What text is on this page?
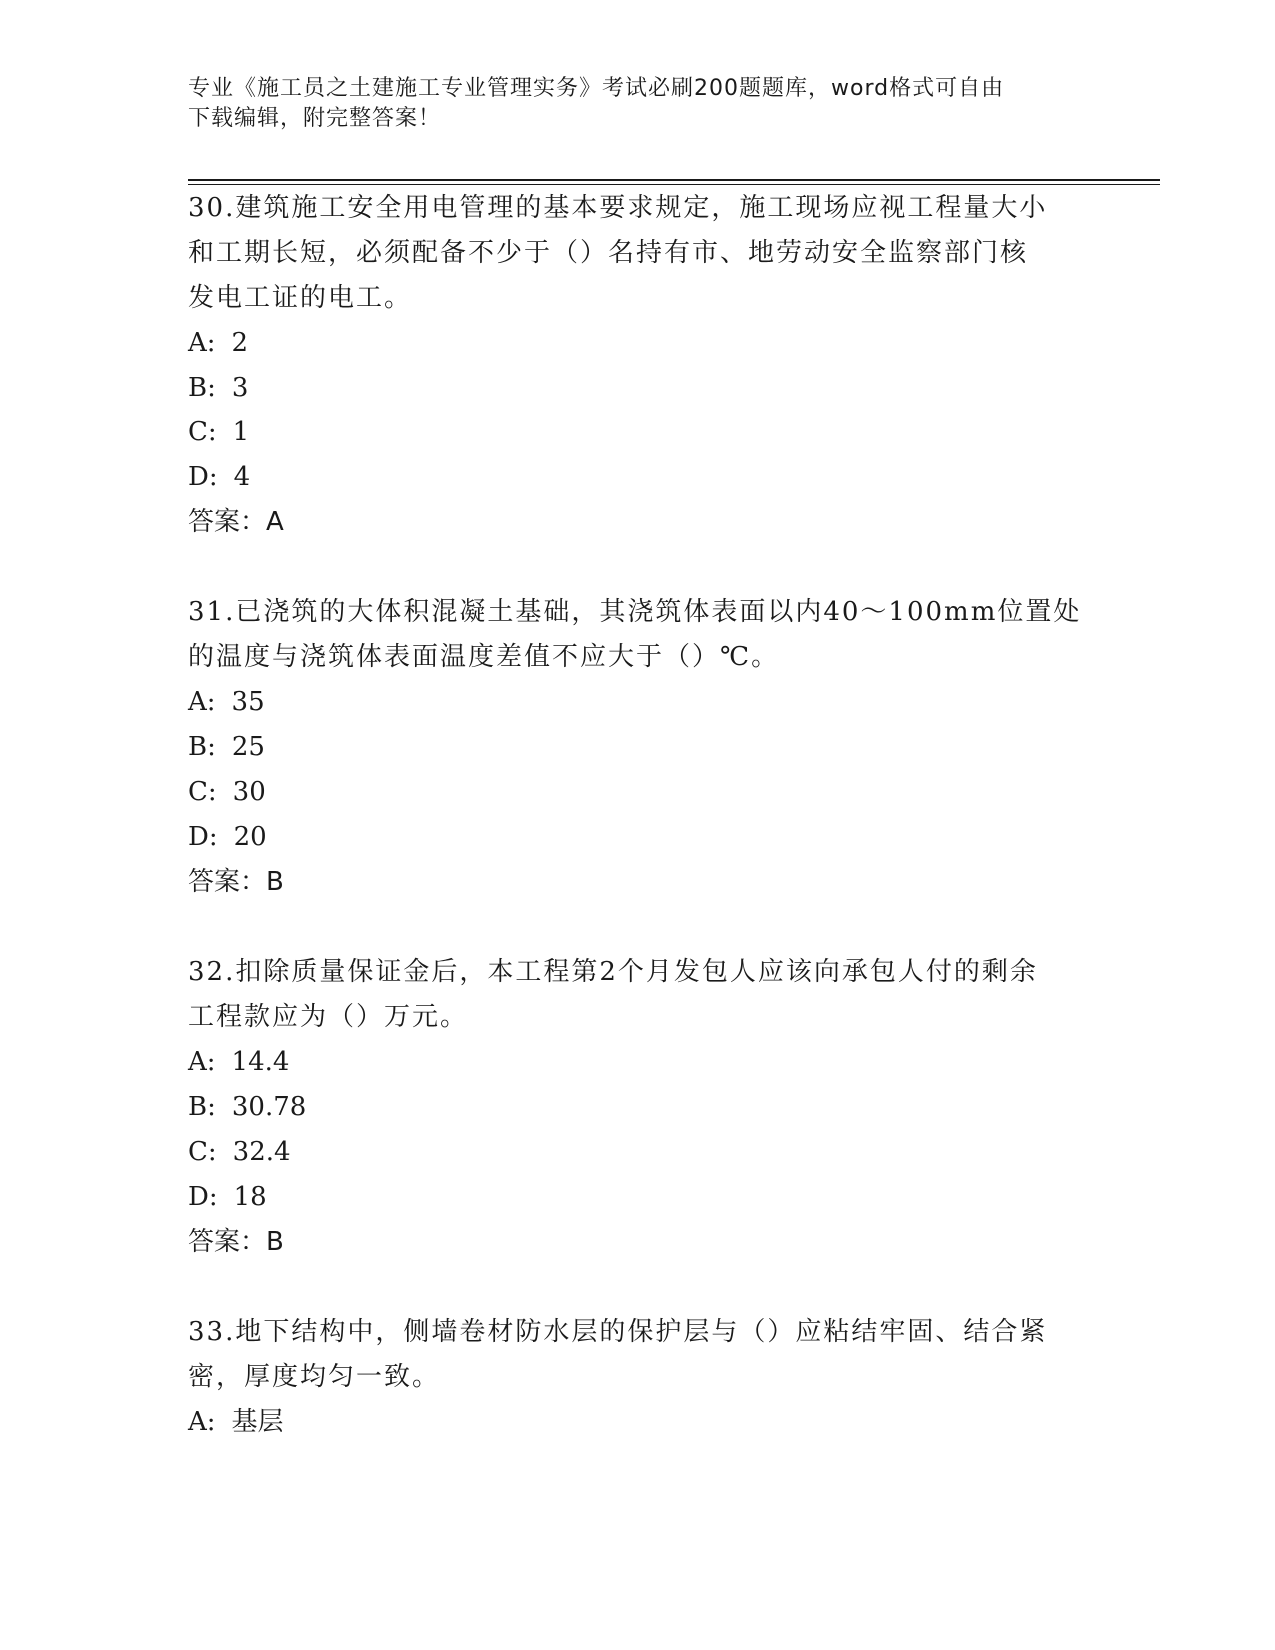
专业《施工员之土建施工专业管理实务》考试必刷200题题库，word格式可自由
下载编辑，附完整答案！
30.建筑施工安全用电管理的基本要求规定，施工现场应视工程量大小
和工期长短，必须配备不少于（）名持有市、地劳动安全监察部门核
发电工证的电工。
A: 2
B: 3
C: 1
D: 4
答案：A
31.已浇筑的大体积混凝土基础，其浇筑体表面以内40～100mm位置处
的温度与浇筑体表面温度差值不应大于（）℃。
A: 35
B: 25
C: 30
D: 20
答案：B
32.扣除质量保证金后，本工程第2个月发包人应该向承包人付的剩余
工程款应为（）万元。
A: 14.4
B: 30.78
C: 32.4
D: 18
答案：B
33.地下结构中，侧墙卷材防水层的保护层与（）应粘结牢固、结合紧
密，厚度均匀一致。
A: 基层
